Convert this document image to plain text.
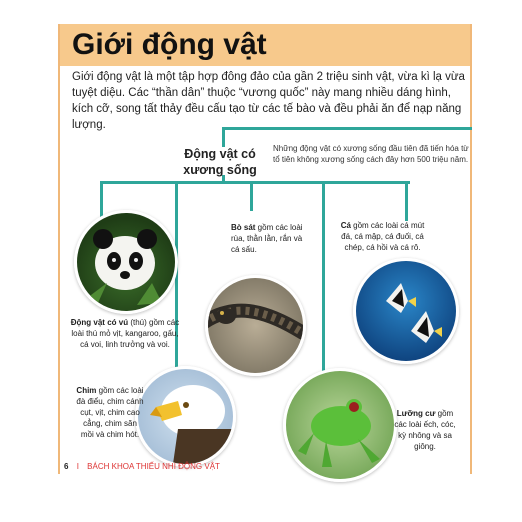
Giới động vật
Giới động vật là một tập hợp đông đảo của gần 2 triệu sinh vật, vừa kì lạ vừa tuyệt diệu. Các “thần dân” thuộc “vương quốc” này mang nhiều dáng hình, kích cỡ, song tất thảy đều cấu tạo từ các tế bào và đều phải ăn để nạp năng lượng.
Động vật có xương sống
Những động vật có xương sống đầu tiên đã tiến hóa từ tổ tiên không xương sống cách đây hơn 500 triệu năm.
Động vật có vú (thú) gồm các loài thú mỏ vịt, kangaroo, gấu, cá voi, linh trưởng và voi.
Bò sát gồm các loài rùa, thằn lằn, rắn và cá sấu.
Cá gồm các loài cá mút đá, cá mập, cá đuối, cá chép, cá hồi và cá rô.
Chim gồm các loài đà điểu, chim cánh cụt, vịt, chim cao cẳng, chim săn mồi và chim hót.
Lưỡng cư gồm các loài ếch, cóc, kỳ nhông và sa giông.
6 I BÁCH KHOA THIẾU NHI ĐỘNG VẬT
